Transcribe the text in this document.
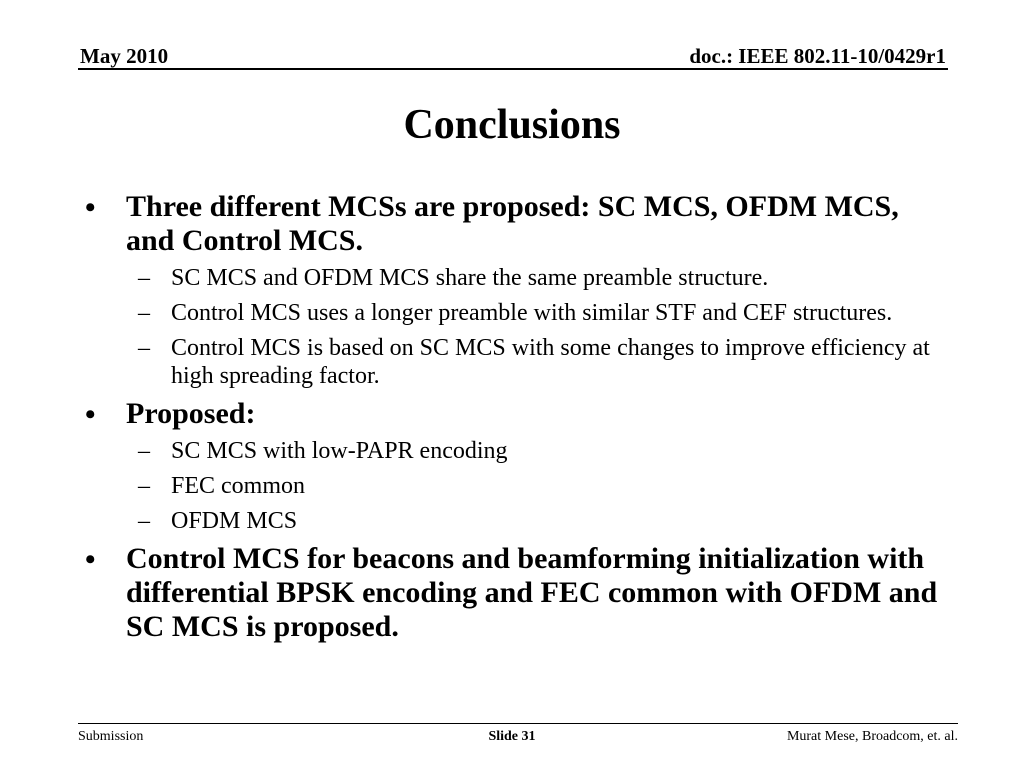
May 2010	doc.: IEEE 802.11-10/0429r1
Conclusions
• Three different MCSs are proposed: SC MCS, OFDM MCS, and Control MCS.
– SC MCS and OFDM MCS share the same preamble structure.
– Control MCS uses a longer preamble with similar STF and CEF structures.
– Control MCS is based on SC MCS with some changes to improve efficiency at high spreading factor.
• Proposed:
– SC MCS with low-PAPR encoding
– FEC common
– OFDM MCS
• Control MCS for beacons and beamforming initialization with differential BPSK encoding and FEC common with OFDM and SC MCS is proposed.
Submission	Slide 31	Murat Mese, Broadcom, et. al.
